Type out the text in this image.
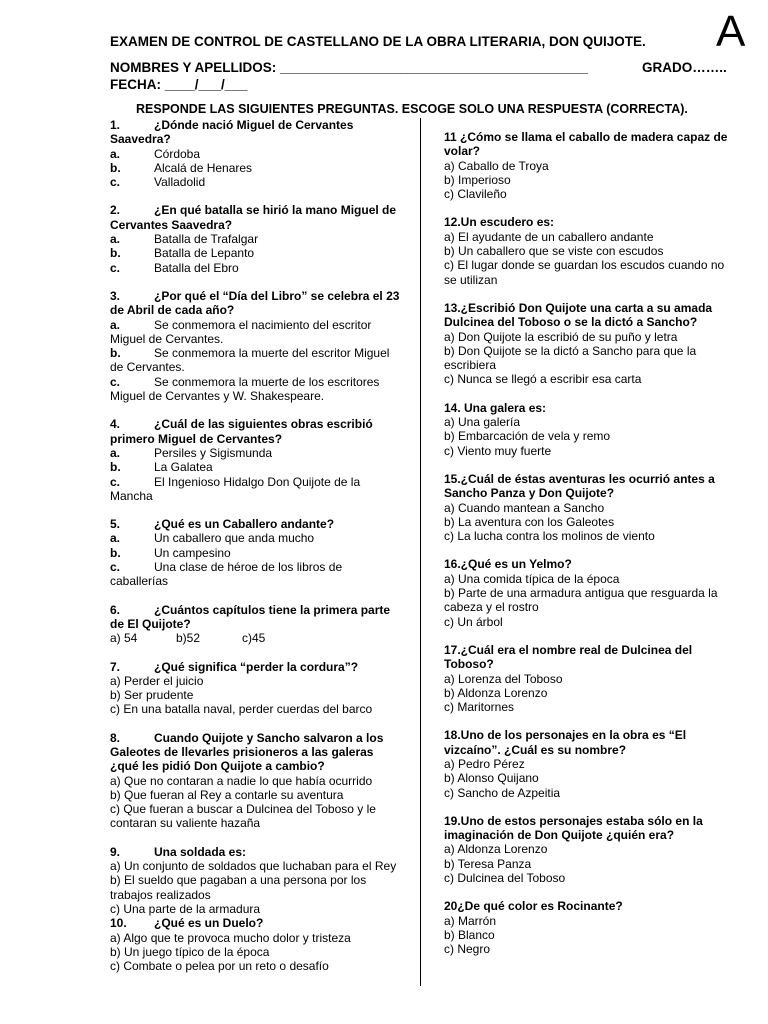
EXAMEN DE CONTROL DE CASTELLANO DE LA OBRA LITERARIA, DON QUIJOTE.
NOMBRES Y APELLIDOS: _________________________________________	GRADO……..
FECHA: ____/___/___
A
RESPONDE LAS SIGUIENTES PREGUNTAS. ESCOGE SOLO UNA RESPUESTA (CORRECTA).
1.	¿Dónde nació Miguel de Cervantes Saavedra?
a.	Córdoba
b.	Alcalá de Henares
c.	Valladolid
2.	¿En qué batalla se hirió la mano Miguel de Cervantes Saavedra?
a.	Batalla de Trafalgar
b.	Batalla de Lepanto
c.	Batalla del Ebro
3.	¿Por qué el “Día del Libro” se celebra el 23 de Abril de cada año?
a.	Se conmemora el nacimiento del escritor Miguel de Cervantes.
b.	Se conmemora la muerte del escritor Miguel de Cervantes.
c.	Se conmemora la muerte de los escritores Miguel de Cervantes y W. Shakespeare.
4.	¿Cuál de las siguientes obras escribió primero Miguel de Cervantes?
a.	Persiles y Sigismunda
b.	La Galatea
c.	El Ingenioso Hidalgo Don Quijote de la Mancha
5.	¿Qué es un Caballero andante?
a.	Un caballero que anda mucho
b.	Un campesino
c.	Una clase de héroe de los libros de caballerías
6.	¿Cuántos capítulos tiene la primera parte de El Quijote?
a) 54	b)52	c)45
7.	¿Qué significa “perder la cordura”?
a) Perder el juicio
b) Ser prudente
c) En una batalla naval, perder cuerdas del barco
8.	Cuando Quijote y Sancho salvaron a los Galeotes de llevarles prisioneros a las galeras ¿qué les pidió Don Quijote a cambio?
a) Que no contaran a nadie lo que había ocurrido
b) Que fueran al Rey a contarle su aventura
c) Que fueran a buscar a Dulcinea del Toboso y le contaran su valiente hazaña
9.	Una soldada es:
a) Un conjunto de soldados que luchaban para el Rey
b) El sueldo que pagaban a una persona por los trabajos realizados
c) Una parte de la armadura
10. ¿Qué es un Duelo?
a) Algo que te provoca mucho dolor y tristeza
b) Un juego típico de la época
c) Combate o pelea por un reto o desafío
11 ¿Cómo se llama el caballo de madera capaz de volar?
a) Caballo de Troya
b) Imperioso
c) Clavileño
12.Un escudero es:
a) El ayudante de un caballero andante
b) Un caballero que se viste con escudos
c) El lugar donde se guardan los escudos cuando no se utilizan
13.¿Escribió Don Quijote una carta a su amada Dulcinea del Toboso o se la dictó a Sancho?
a) Don Quijote la escribió de su puño y letra
b) Don Quijote se la dictó a Sancho para que la escribiera
c) Nunca se llegó a escribir esa carta
14. Una galera es:
a) Una galería
b) Embarcación de vela y remo
c) Viento muy fuerte
15.¿Cuál de éstas aventuras les ocurrió antes a Sancho Panza y Don Quijote?
a) Cuando mantean a Sancho
b) La aventura con los Galeotes
c) La lucha contra los molinos de viento
16.¿Qué es un Yelmo?
a) Una comida típica de la época
b) Parte de una armadura antigua que resguarda la cabeza y el rostro
c) Un árbol
17.¿Cuál era el nombre real de Dulcinea del Toboso?
a) Lorenza del Toboso
b) Aldonza Lorenzo
c) Maritornes
18.Uno de los personajes en la obra es “El vizcaíno”. ¿Cuál es su nombre?
a) Pedro Pérez
b) Alonso Quijano
c) Sancho de Azpeitia
19.Uno de estos personajes estaba sólo en la imaginación de Don Quijote ¿quién era?
a) Aldonza Lorenzo
b) Teresa Panza
c) Dulcinea del Toboso
20¿De qué color es Rocinante?
a) Marrón
b) Blanco
c) Negro
